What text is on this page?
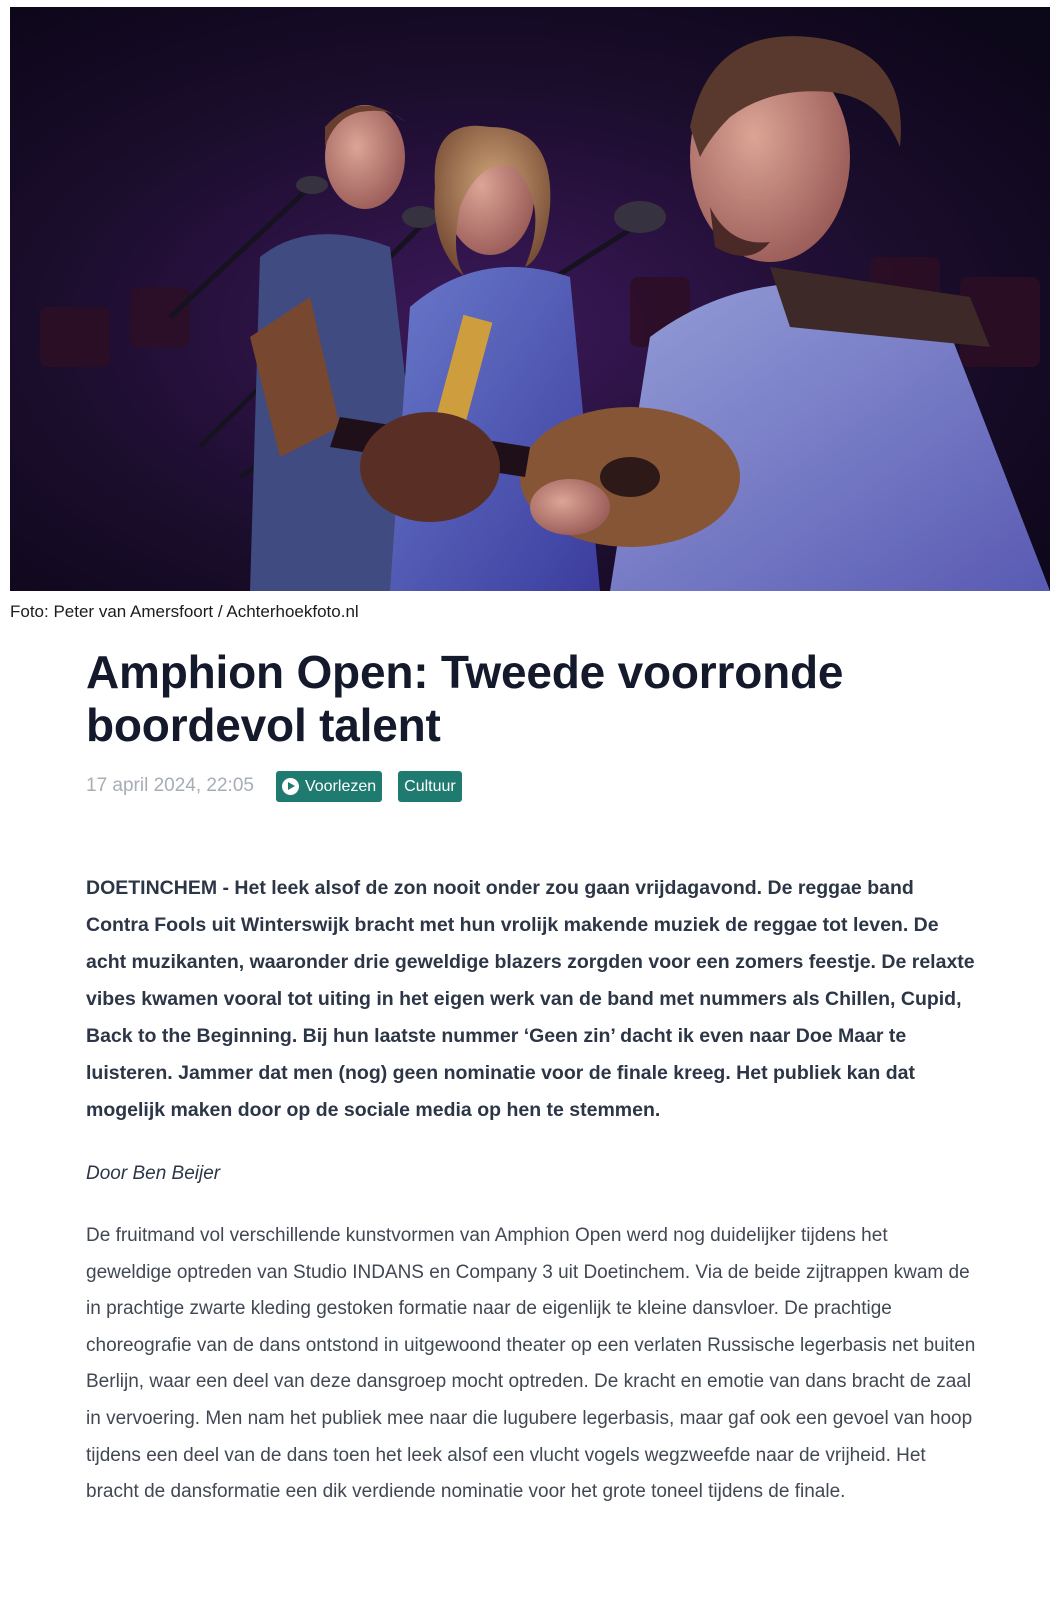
Foto: Peter van Amersfoort / Achterhoekfoto.nl
Amphion Open: Tweede voorronde boordevol talent
17 april 2024, 22:05	Voorlezen Cultuur

DOETINCHEM - Het leek alsof de zon nooit onder zou gaan vrijdagavond. De reggae band Contra Fools uit Winterswijk bracht met hun vrolijk makende muziek de reggae tot leven. De acht muzikanten, waaronder drie geweldige blazers zorgden voor een zomers feestje. De relaxte vibes kwamen vooral tot uiting in het eigen werk van de band met nummers als Chillen, Cupid, Back to the Beginning. Bij hun laatste nummer ‘Geen zin’ dacht ik even naar Doe Maar te luisteren. Jammer dat men (nog) geen nominatie voor de finale kreeg. Het publiek kan dat mogelijk maken door op de sociale media op hen te stemmen.

Door Ben Beijer

De fruitmand vol verschillende kunstvormen van Amphion Open werd nog duidelijker tijdens het geweldige optreden van Studio INDANS en Company 3 uit Doetinchem. Via de beide zijtrappen kwam de in prachtige zwarte kleding gestoken formatie naar de eigenlijk te kleine dansvloer. De prachtige choreografie van de dans ontstond in uitgewoond theater op een verlaten Russische legerbasis net buiten Berlijn, waar een deel van deze dansgroep mocht optreden. De kracht en emotie van dans bracht de zaal in vervoering. Men nam het publiek mee naar die lugubere legerbasis, maar gaf ook een gevoel van hoop tijdens een deel van de dans toen het leek alsof een vlucht vogels wegzweefde naar de vrijheid. Het bracht de dansformatie een dik verdiende nominatie voor het grote toneel tijdens de finale.
